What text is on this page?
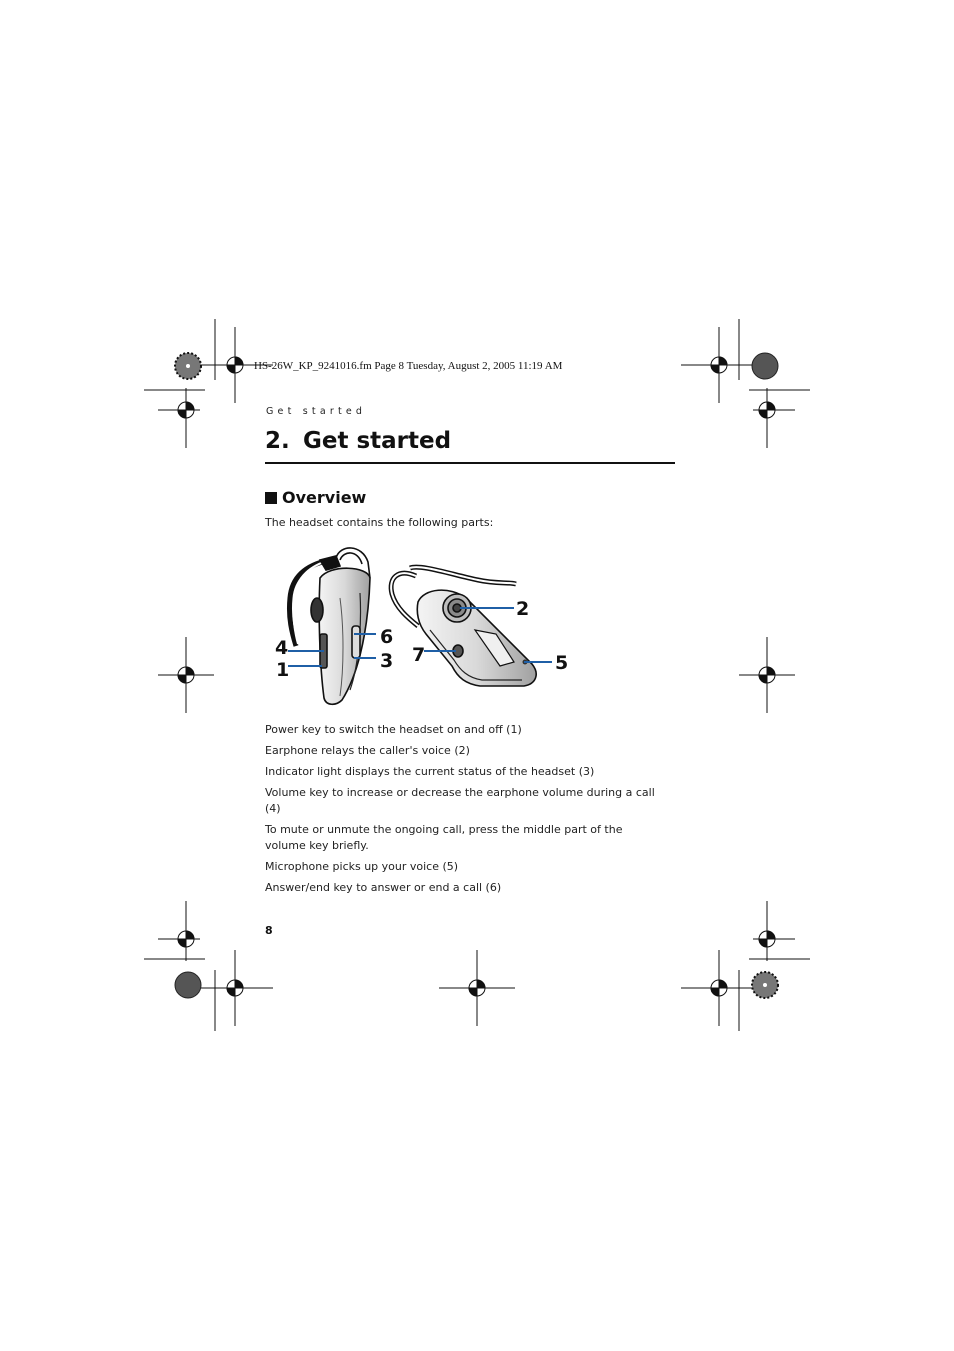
HS-26W_KP_9241016.fm Page 8 Tuesday, August 2, 2005 11:19 AM
Get started
2. Get started
Overview
The headset contains the following parts:
4
1
6
3
2
7	5
Power key to switch the headset on and off (1)
Earphone relays the caller's voice (2)
Indicator light displays the current status of the headset (3)
Volume key to increase or decrease the earphone volume during a call (4)
To mute or unmute the ongoing call, press the middle part of the volume key briefly.
Microphone picks up your voice (5)
Answer/end key to answer or end a call (6)
8
